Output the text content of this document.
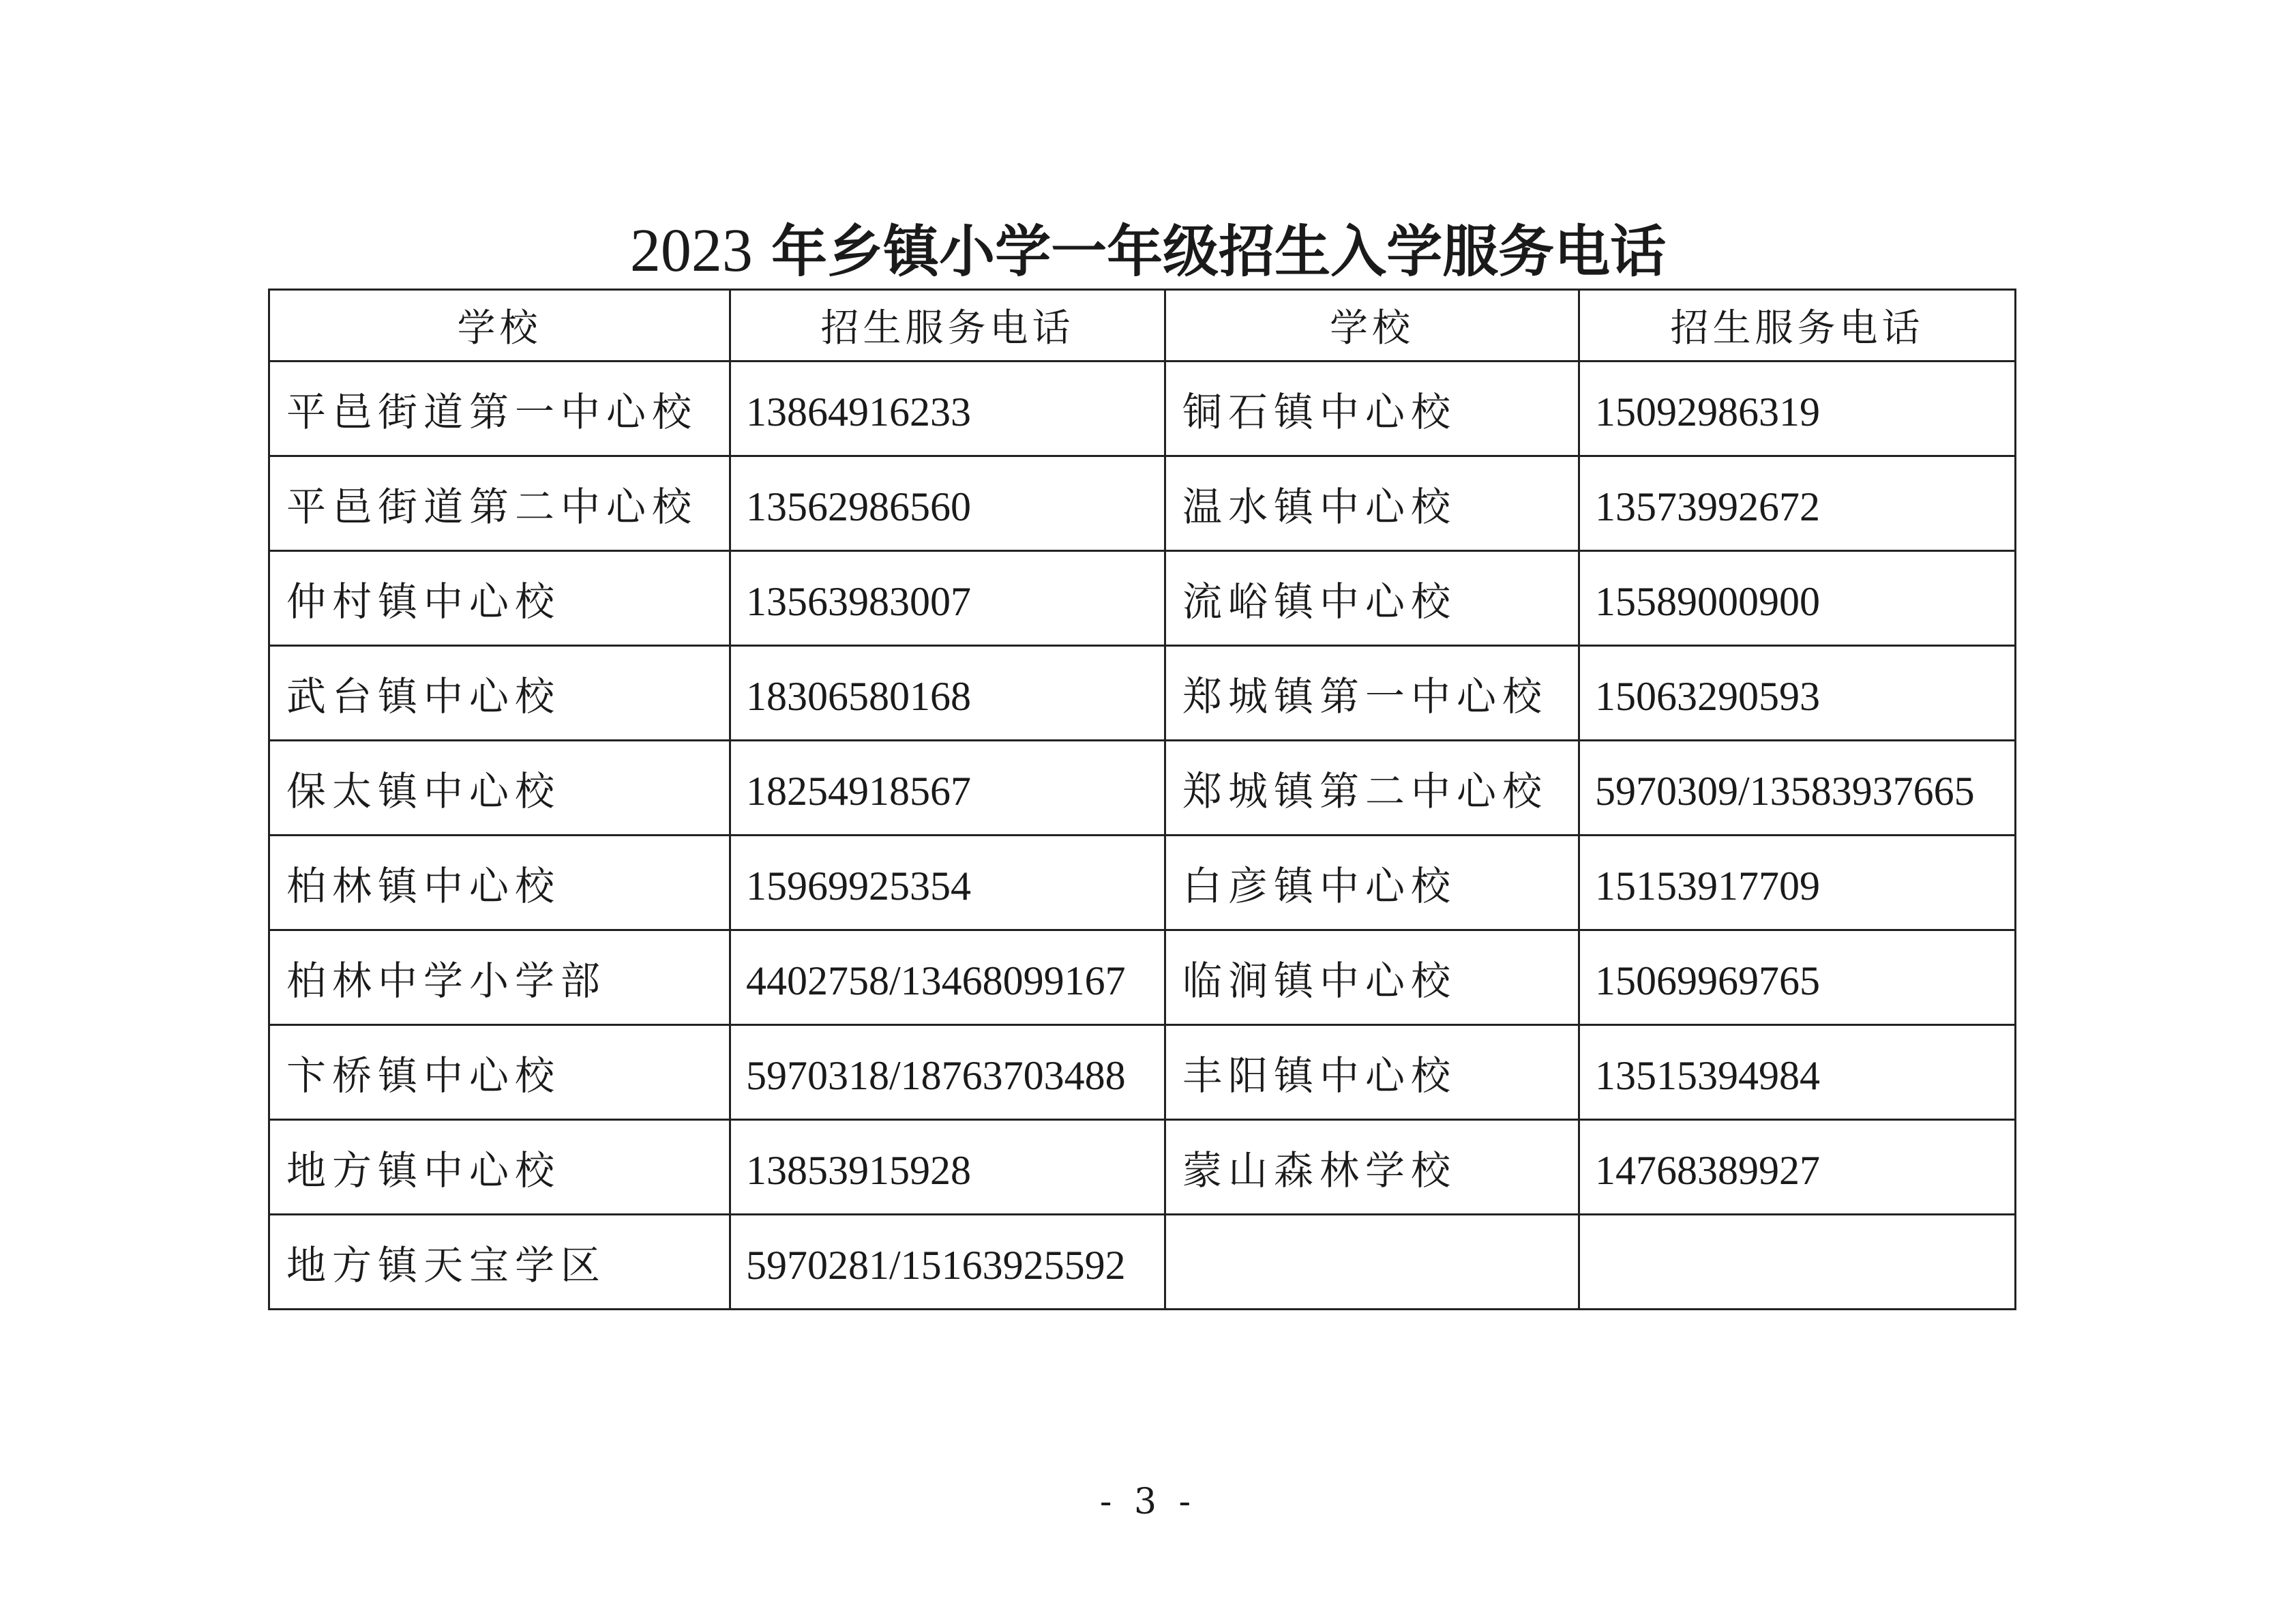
2023 年乡镇小学一年级招生入学服务电话
学校	招生服务电话	学校	招生服务电话
平邑街道第一中心校	13864916233	铜石镇中心校	15092986319
平邑街道第二中心校	13562986560	温水镇中心校	13573992672
仲村镇中心校	13563983007	流峪镇中心校	15589000900
武台镇中心校	18306580168	郑城镇第一中心校	15063290593
保太镇中心校	18254918567	郑城镇第二中心校	5970309/13583937665
柏林镇中心校	15969925354	白彦镇中心校	15153917709
柏林中学小学部	4402758/13468099167	临涧镇中心校	15069969765
卞桥镇中心校	5970318/18763703488	丰阳镇中心校	13515394984
地方镇中心校	13853915928	蒙山森林学校	14768389927
地方镇天宝学区	5970281/15163925592		
- 3 -
